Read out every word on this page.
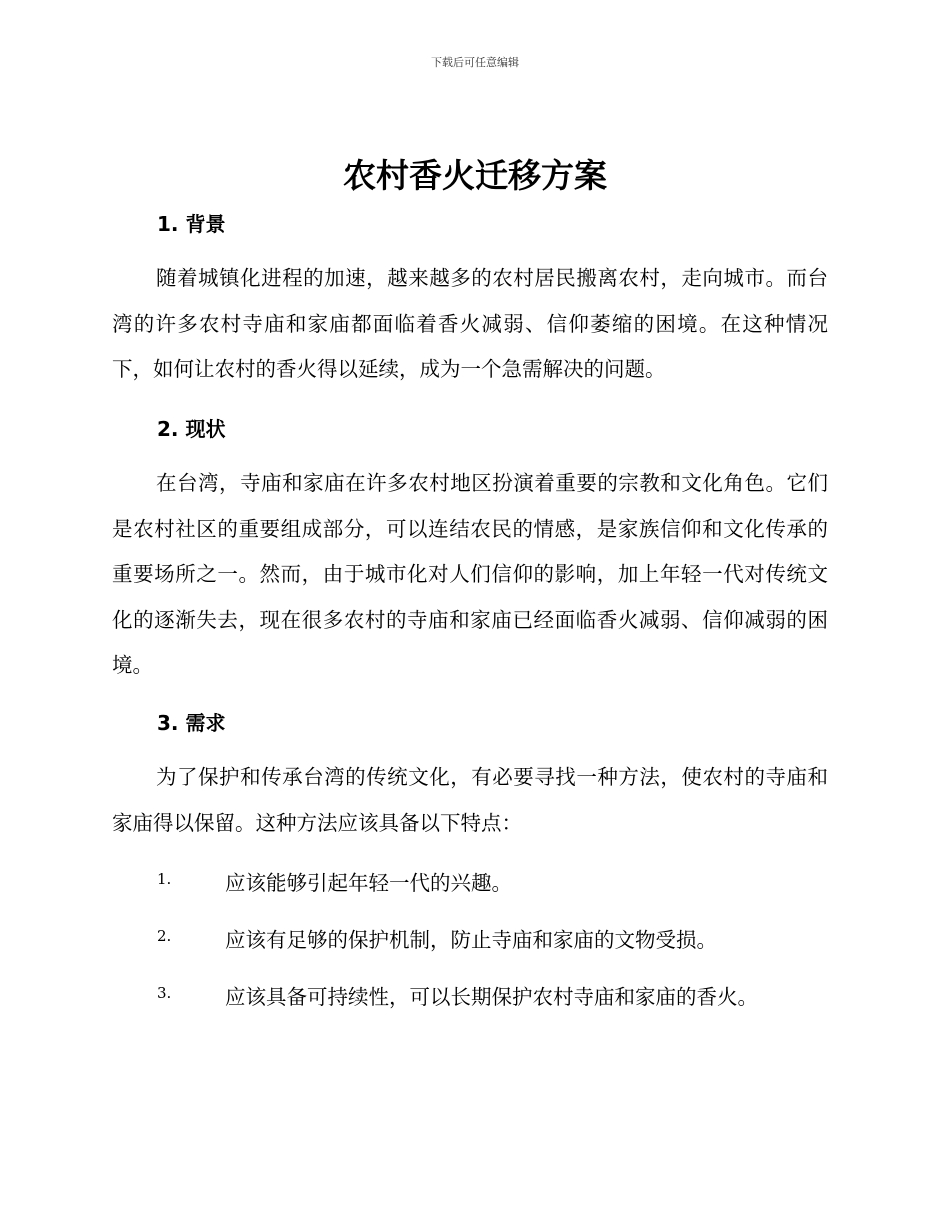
下载后可任意编辑
农村香火迁移方案
1. 背景

随着城镇化进程的加速，越来越多的农村居民搬离农村，走向城市。而台湾的许多农村寺庙和家庙都面临着香火减弱、信仰萎缩的困境。在这种情况下，如何让农村的香火得以延续，成为一个急需解决的问题。

2. 现状

在台湾，寺庙和家庙在许多农村地区扮演着重要的宗教和文化角色。它们是农村社区的重要组成部分，可以连结农民的情感，是家族信仰和文化传承的重要场所之一。然而，由于城市化对人们信仰的影响，加上年轻一代对传统文化的逐渐失去，现在很多农村的寺庙和家庙已经面临香火减弱、信仰减弱的困境。

3. 需求

为了保护和传承台湾的传统文化，有必要寻找一种方法，使农村的寺庙和家庙得以保留。这种方法应该具备以下特点：

1.	应该能够引起年轻一代的兴趣。
2.	应该有足够的保护机制，防止寺庙和家庙的文物受损。
3.	应该具备可持续性，可以长期保护农村寺庙和家庙的香火。
